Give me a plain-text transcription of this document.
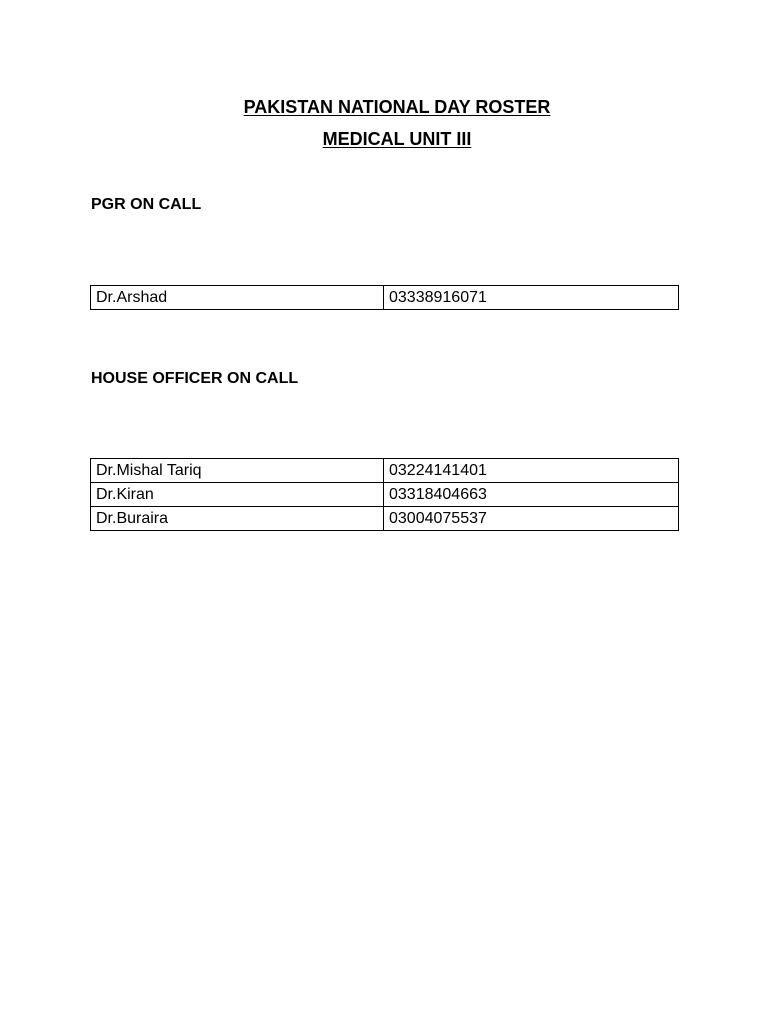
PAKISTAN NATIONAL DAY ROSTER
MEDICAL UNIT III
PGR ON CALL
Dr.Arshad	03338916071
HOUSE OFFICER ON CALL
Dr.Mishal Tariq	03224141401
Dr.Kiran	03318404663
Dr.Buraira	03004075537
